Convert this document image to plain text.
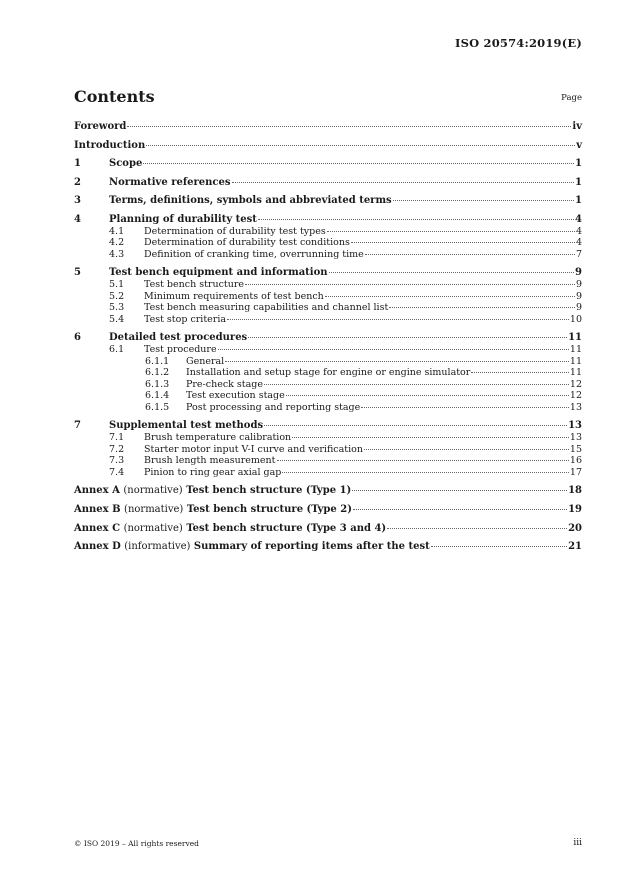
ISO 20574:2019(E)
Contents	Page
Foreword	iv
Introduction	v
1	Scope	1
2	Normative references	1
3	Terms, definitions, symbols and abbreviated terms	1
4	Planning of durability test	4
4.1	Determination of durability test types	4
4.2	Determination of durability test conditions	4
4.3	Definition of cranking time, overrunning time	7
5	Test bench equipment and information	9
5.1	Test bench structure	9
5.2	Minimum requirements of test bench	9
5.3	Test bench measuring capabilities and channel list	9
5.4	Test stop criteria	10
6	Detailed test procedures	11
6.1	Test procedure	11
6.1.1	General	11
6.1.2	Installation and setup stage for engine or engine simulator	11
6.1.3	Pre-check stage	12
6.1.4	Test execution stage	12
6.1.5	Post processing and reporting stage	13
7	Supplemental test methods	13
7.1	Brush temperature calibration	13
7.2	Starter motor input V-I curve and verification	15
7.3	Brush length measurement	16
7.4	Pinion to ring gear axial gap	17
Annex A (normative) Test bench structure (Type 1)	18
Annex B (normative) Test bench structure (Type 2)	19
Annex C (normative) Test bench structure (Type 3 and 4)	20
Annex D (informative) Summary of reporting items after the test	21
© ISO 2019 – All rights reserved	iii
